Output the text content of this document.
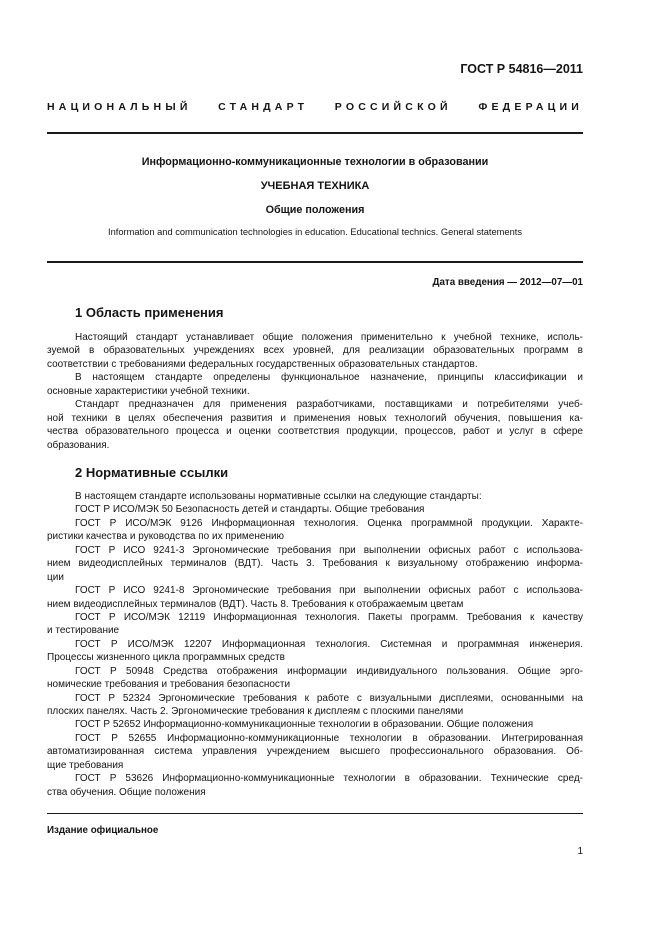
ГОСТ Р 54816—2011
НАЦИОНАЛЬНЫЙ СТАНДАРТ РОССИЙСКОЙ ФЕДЕРАЦИИ
Информационно-коммуникационные технологии в образовании
УЧЕБНАЯ ТЕХНИКА
Общие положения
Information and communication technologies in education. Educational technics. General statements
Дата введения — 2012—07—01
1 Область применения
Настоящий стандарт устанавливает общие положения применительно к учебной технике, исполь-
зуемой в образовательных учреждениях всех уровней, для реализации образовательных программ в
соответствии с требованиями федеральных государственных образовательных стандартов.
В настоящем стандарте определены функциональное назначение, принципы классификации и
основные характеристики учебной техники.
Стандарт предназначен для применения разработчиками, поставщиками и потребителями учеб-
ной техники в целях обеспечения развития и применения новых технологий обучения, повышения ка-
чества образовательного процесса и оценки соответствия продукции, процессов, работ и услуг в сфере
образования.
2 Нормативные ссылки
В настоящем стандарте использованы нормативные ссылки на следующие стандарты:
ГОСТ Р ИСО/МЭК 50 Безопасность детей и стандарты. Общие требования
ГОСТ Р ИСО/МЭК 9126 Информационная технология. Оценка программной продукции. Характе-
ристики качества и руководства по их применению
ГОСТ Р ИСО 9241-3 Эргономические требования при выполнении офисных работ с использова-
нием видеодисплейных терминалов (ВДТ). Часть 3. Требования к визуальному отображению информа-
ции
ГОСТ Р ИСО 9241-8 Эргономические требования при выполнении офисных работ с использова-
нием видеодисплейных терминалов (ВДТ). Часть 8. Требования к отображаемым цветам
ГОСТ Р ИСО/МЭК 12119 Информационная технология. Пакеты программ. Требования к качеству
и тестирование
ГОСТ Р ИСО/МЭК 12207 Информационная технология. Системная и программная инженерия.
Процессы жизненного цикла программных средств
ГОСТ Р 50948 Средства отображения информации индивидуального пользования. Общие эрго-
номические требования и требования безопасности
ГОСТ Р 52324 Эргономические требования к работе с визуальными дисплеями, основанными на
плоских панелях. Часть 2. Эргономические требования к дисплеям с плоскими панелями
ГОСТ Р 52652 Информационно-коммуникационные технологии в образовании. Общие положения
ГОСТ Р 52655 Информационно-коммуникационные технологии в образовании. Интегрированная
автоматизированная система управления учреждением высшего профессионального образования. Об-
щие требования
ГОСТ Р 53626 Информационно-коммуникационные технологии в образовании. Технические сред-
ства обучения. Общие положения
Издание официальное
1
